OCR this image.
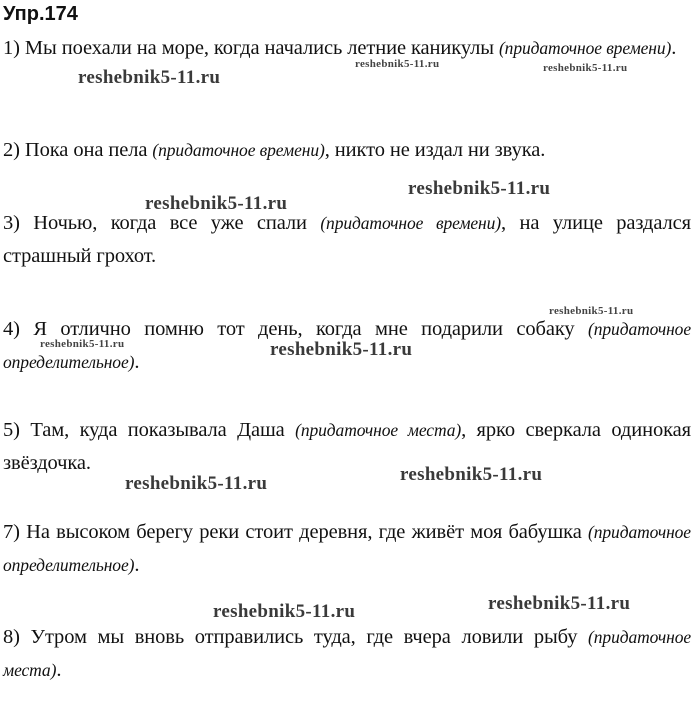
Упр.174
1) Мы поехали на море, когда начались летние каникулы (придаточное времени).
2) Пока она пела (придаточное времени), никто не издал ни звука.
3) Ночью, когда все уже спали (придаточное времени), на улице раздался страшный грохот.
4) Я отлично помню тот день, когда мне подарили собаку (придаточное определительное).
5) Там, куда показывала Даша (придаточное места), ярко сверкала одинокая звёздочка.
7) На высоком берегу реки стоит деревня, где живёт моя бабушка (придаточное определительное).
8) Утром мы вновь отправились туда, где вчера ловили рыбу (придаточное места).
reshebnik5-11.ru
reshebnik5-11.ru	reshebnik5-11.ru
reshebnik5-11.ru
reshebnik5-11.ru
reshebnik5-11.ru
reshebnik5-11.ru	reshebnik5-11.ru
reshebnik5-11.ru
reshebnik5-11.ru
reshebnik5-11.ru
reshebnik5-11.ru
